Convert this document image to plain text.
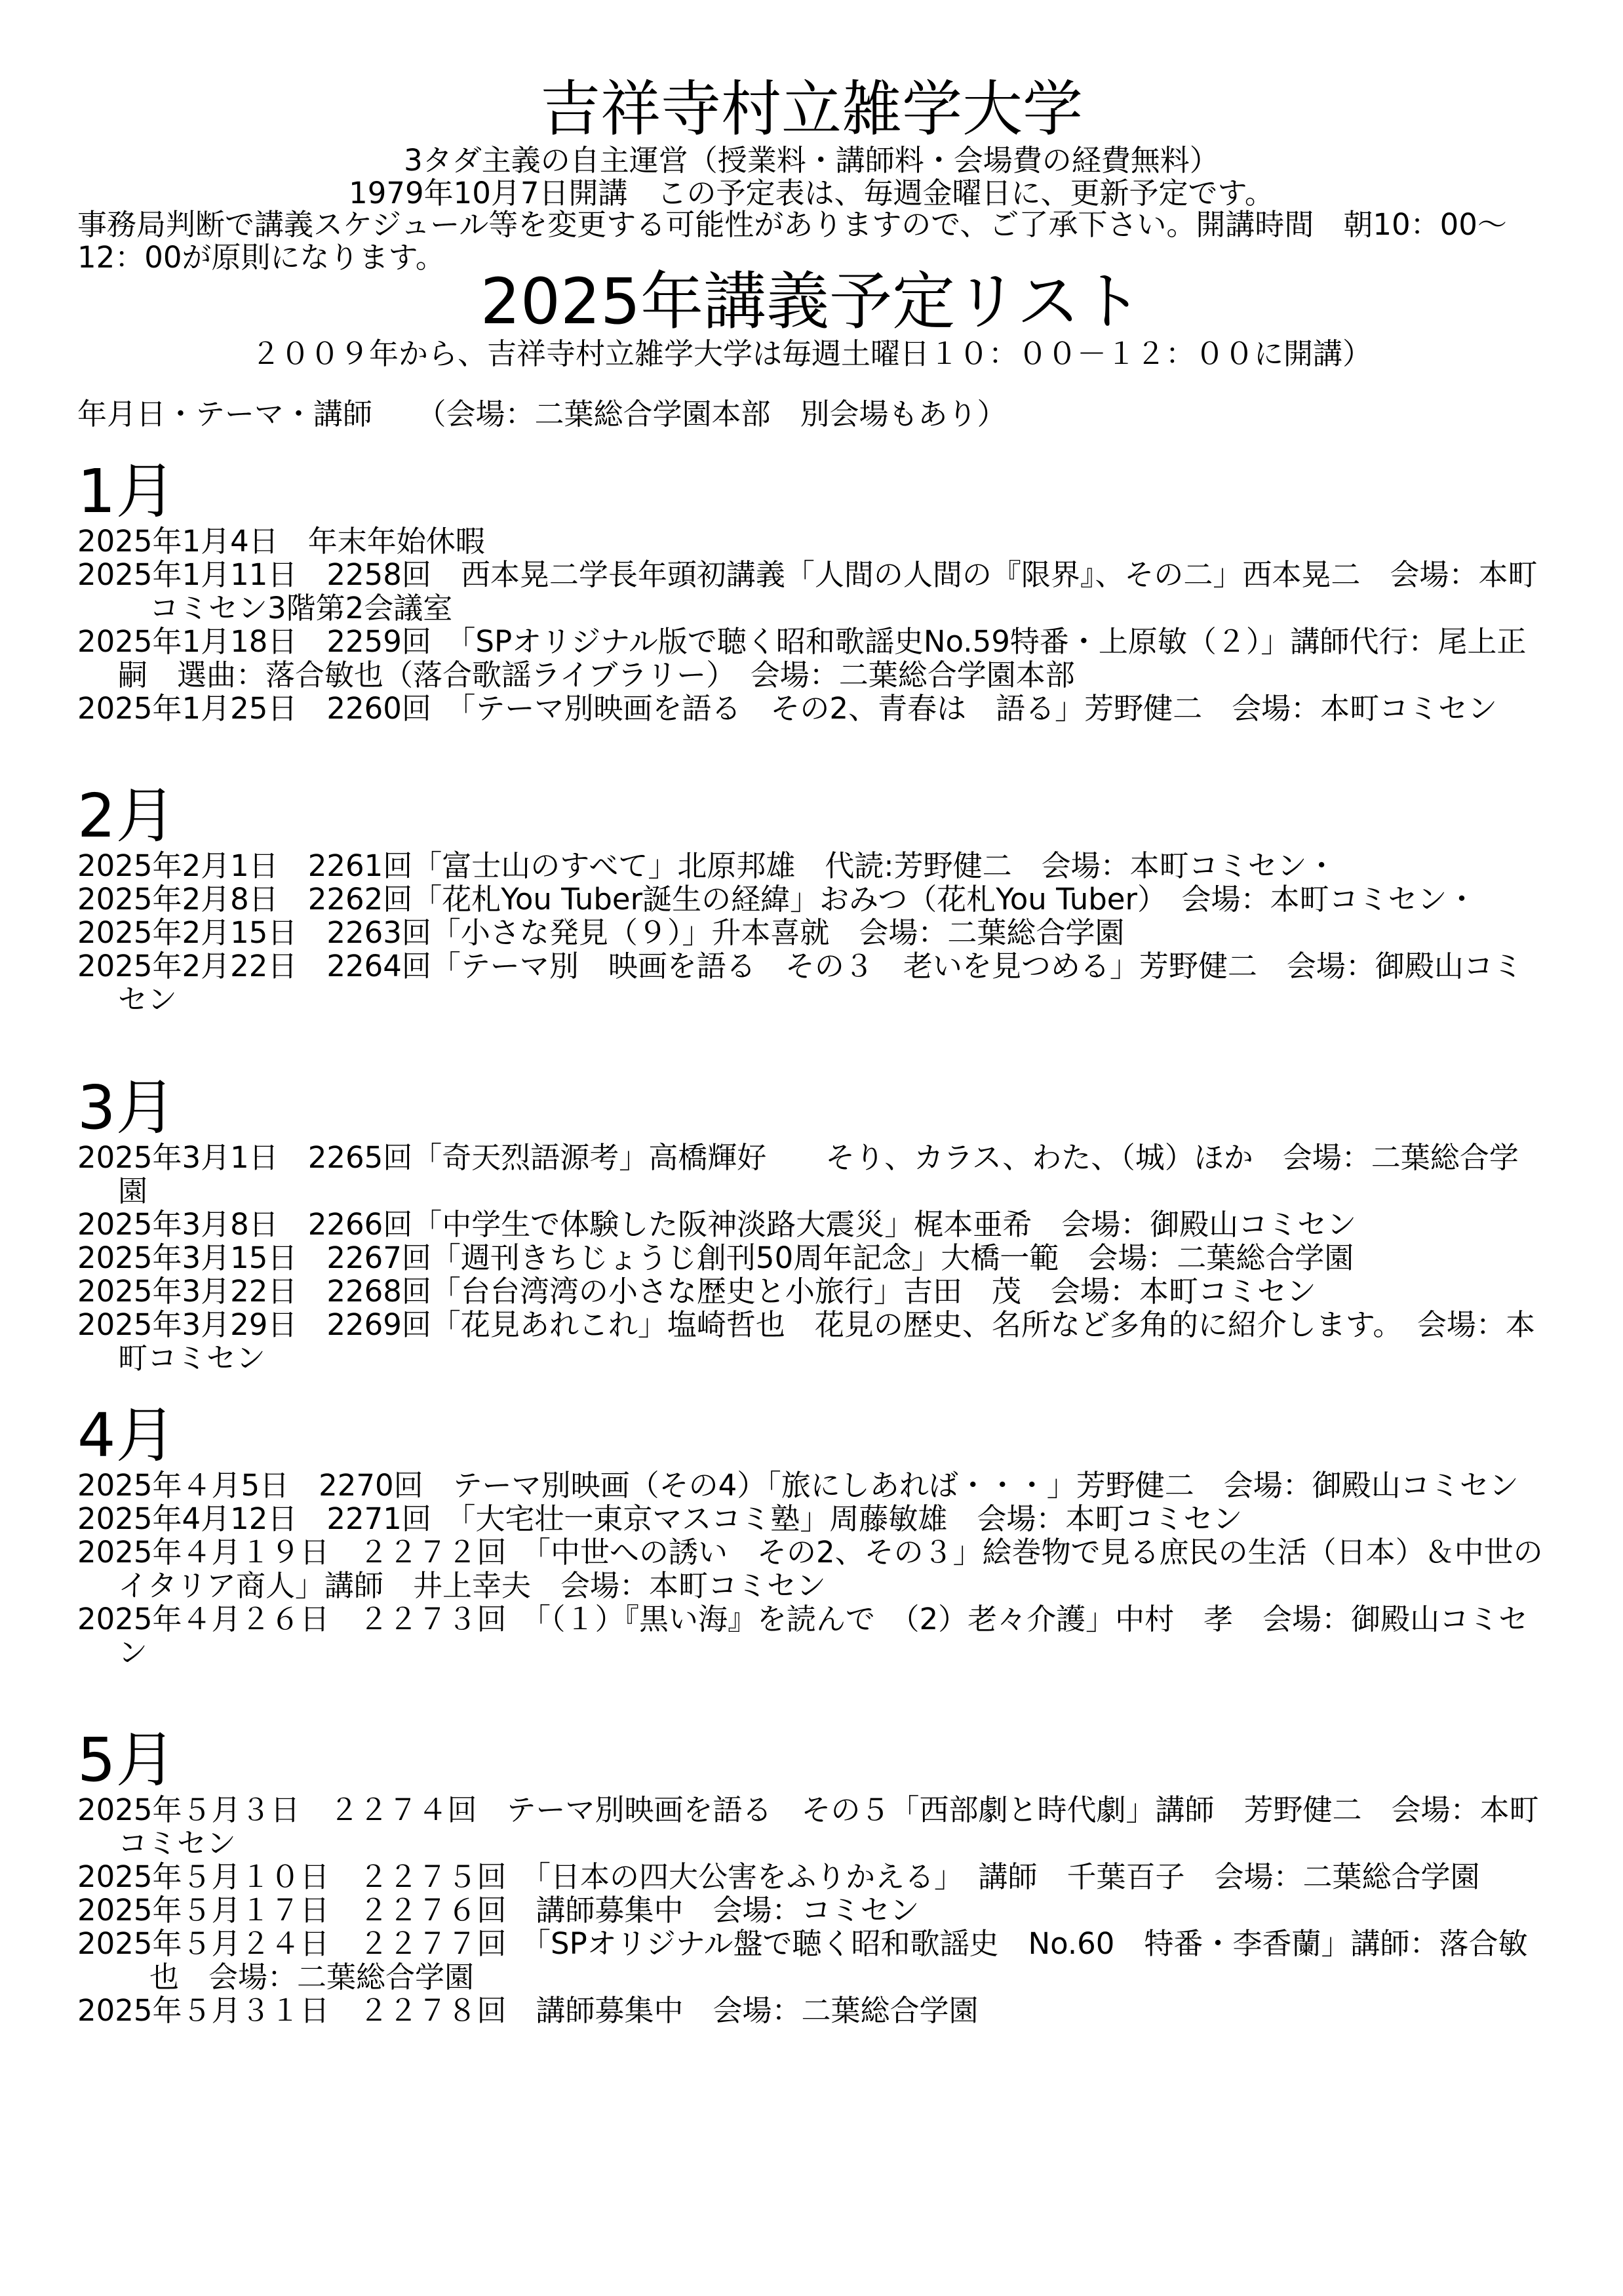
吉祥寺村立雑学大学
3タダ主義の自主運営（授業料・講師料・会場費の経費無料）
1979年10月7日開講　この予定表は、毎週金曜日に、更新予定です。
事務局判断で講義スケジュール等を変更する可能性がありますので、ご了承下さい。開講時間　朝10：00～12：00が原則になります。
2025年講義予定リスト
２００９年から、吉祥寺村立雑学大学は毎週土曜日１０：００－１２：００に開講）
年月日・テーマ・講師　　（会場：二葉総合学園本部　別会場もあり）
1月

2025年1月4日　年末年始休暇

2025年1月11日　2258回　西本晃二学長年頭初講義「人間の人間の『限界』、その二」西本晃二　会場：本町コミセン3階第2会議室

2025年1月18日　2259回　「SPオリジナル版で聴く昭和歌謡史No.59特番・上原敏（２）」講師代行：尾上正嗣　選曲：落合敏也（落合歌謡ライブラリー）　会場：二葉総合学園本部

2025年1月25日　2260回　「テーマ別映画を語る　その2、青春は　語る」芳野健二　会場：本町コミセン

2月

2025年2月1日　2261回「富士山のすべて」北原邦雄　代読:芳野健二　会場：本町コミセン・

2025年2月8日　2262回「花札You Tuber誕生の経緯」おみつ（花札You Tuber）　会場：本町コミセン・

2025年2月15日　2263回「小さな発見（９）」升本喜就　会場：二葉総合学園

2025年2月22日　2264回「テーマ別　映画を語る　その３　老いを見つめる」芳野健二　会場：御殿山コミセン

3月

2025年3月1日　2265回「奇天烈語源考」高橋輝好　　そり、カラス、わた、（城）ほか　会場：二葉総合学園

2025年3月8日　2266回「中学生で体験した阪神淡路大震災」梶本亜希　会場：御殿山コミセン

2025年3月15日　2267回「週刊きちじょうじ創刊50周年記念」大橋一範　会場：二葉総合学園

2025年3月22日　2268回「台台湾湾の小さな歴史と小旅行」吉田　茂　会場：本町コミセン

2025年3月29日　2269回「花見あれこれ」塩崎哲也　花見の歴史、名所など多角的に紹介します。　会場：本町コミセン

4月

2025年４月5日　2270回　テーマ別映画（その4）「旅にしあれば・・・」芳野健二　会場：御殿山コミセン

2025年4月12日　2271回　「大宅壮一東京マスコミ塾」周藤敏雄　会場：本町コミセン

2025年４月１９日　２２７２回　「中世への誘い　その2、その３」絵巻物で見る庶民の生活（日本）＆中世のイタリア商人」講師　井上幸夫　会場：本町コミセン

2025年４月２６日　２２７３回　「（１）『黒い海』を読んで　（2）老々介護」中村　孝　会場：御殿山コミセン

5月

2025年５月３日　２２７４回　テーマ別映画を語る　その５「西部劇と時代劇」講師　芳野健二　会場：本町コミセン

2025年５月１０日　２２７５回　「日本の四大公害をふりかえる」　講師　千葉百子　会場：二葉総合学園

2025年５月１７日　２２７６回　講師募集中　会場：コミセン

2025年５月２４日　２２７７回　「SPオリジナル盤で聴く昭和歌謡史　No.60　特番・李香蘭」講師：落合敏也　会場：二葉総合学園

2025年５月３１日　２２７８回　講師募集中　会場：二葉総合学園
